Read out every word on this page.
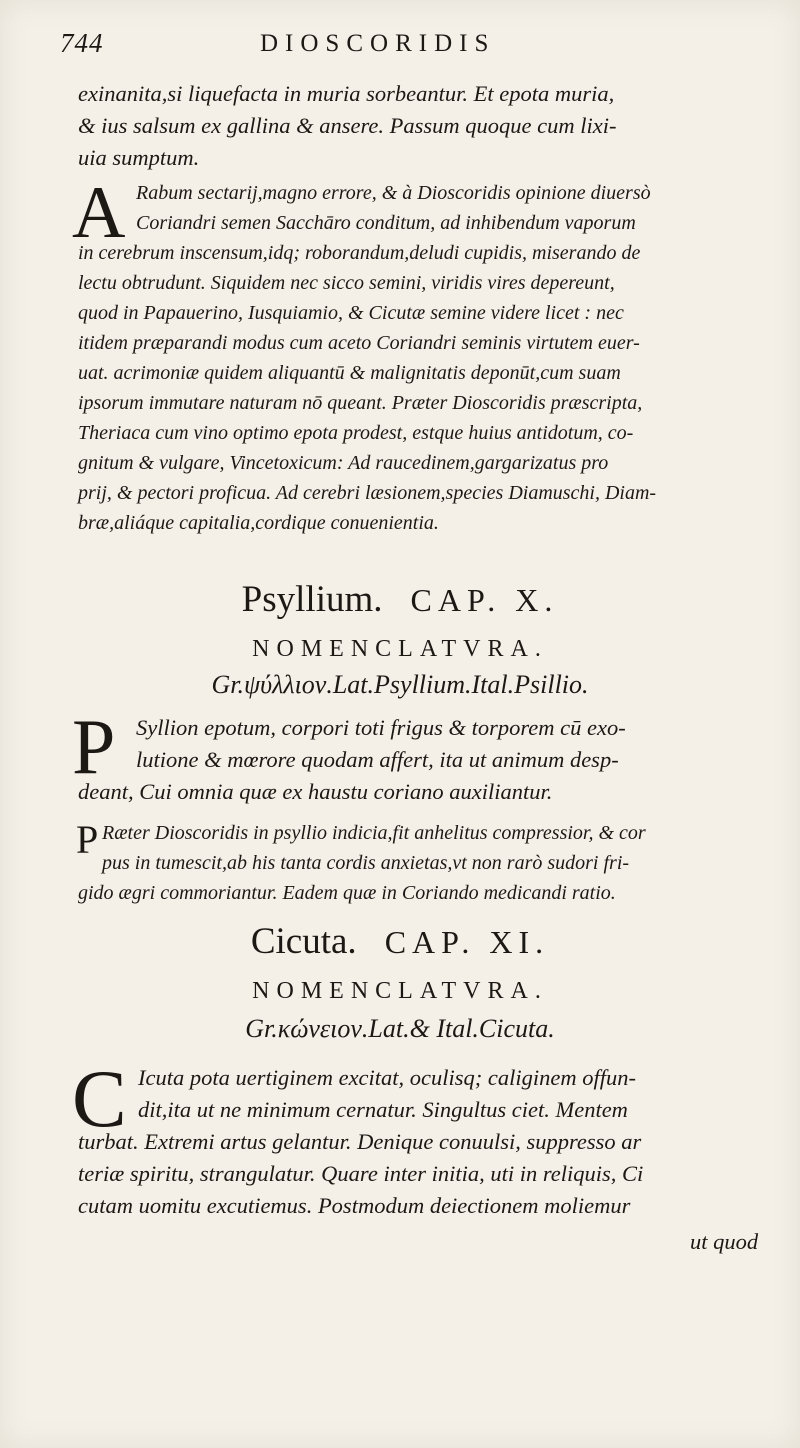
744	DIOSCORIDIS
exinanita,si liquefacta in muria sorbeantur. Et epota muria,
& ius salsum ex gallina & ansere. Passum quoque cum lixi-
uia sumptum.
A Rabum sectarij,magno errore, & à Dioscoridis opinione diuersò
Coriandri semen Sacchāro conditum, ad inhibendum vaporum
in cerebrum inscensum,idq; roborandum,deludi cupidis, miserando de
lectu obtrudunt. Siquidem nec sicco semini, viridis vires depereunt,
quod in Papauerino, Iusquiamio, & Cicutæ semine videre licet : nec
itidem præparandi modus cum aceto Coriandri seminis virtutem euer-
uat. acrimoniæ quidem aliquantū & malignitatis deponūt,cum suam
ipsorum immutare naturam nō queant. Præter Dioscoridis præscripta,
Theriaca cum vino optimo epota prodest, estque huius antidotum, co-
gnitum & vulgare, Vincetoxicum: Ad raucedinem,gargarizatus pro
prij, & pectori proficua. Ad cerebri læsionem,species Diamuschi, Diam-
bræ,aliáque capitalia,cordique conuenientia.
Psyllium. CAP. X.
NOMENCLATVRA.
Gr.ψύλλιον.Lat.Psyllium.Ital.Psillio.
P Syllion epotum, corpori toti frigus & torporem cū exo-
lutione & mœrore quodam affert, ita ut animum desp-
deant, Cui omnia quæ ex haustu coriano auxiliantur.
P Ræter Dioscoridis in psyllio indicia,fit anhelitus compressior, & cor
pus in tumescit,ab his tanta cordis anxietas,vt non rarò sudori fri-
gido ægri commoriantur. Eadem quæ in Coriando medicandi ratio.
Cicuta. CAP. XI.
NOMENCLATVRA.
Gr.κώνειον.Lat.& Ital.Cicuta.
C Icuta pota uertiginem excitat, oculisq; caliginem offun-
dit,ita ut ne minimum cernatur. Singultus ciet. Mentem
turbat. Extremi artus gelantur. Denique conuulsi, suppresso ar
teriæ spiritu, strangulatur. Quare inter initia, uti in reliquis, Ci
cutam uomitu excutiemus. Postmodum deiectionem moliemur
ut quod
